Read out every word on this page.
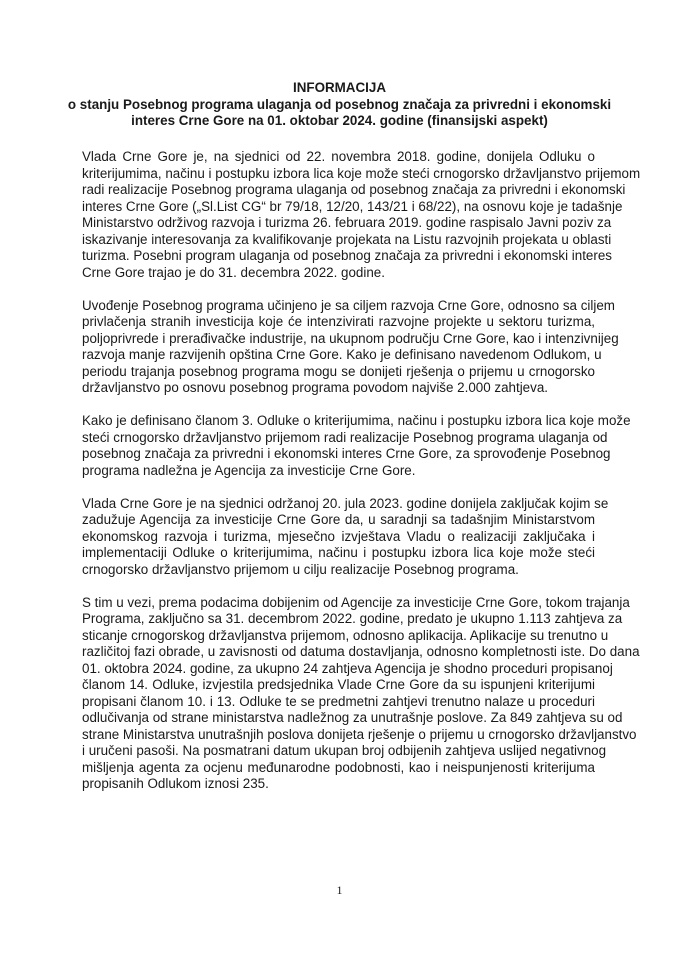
INFORMACIJA
o stanju Posebnog programa ulaganja od posebnog značaja za privredni i ekonomski
interes Crne Gore na 01. oktobar 2024. godine (finansijski aspekt)

Vlada Crne Gore je, na sjednici od 22. novembra 2018. godine, donijela Odluku o
kriterijumima, načinu i postupku izbora lica koje može steći crnogorsko državljanstvo prijemom
radi realizacije Posebnog programa ulaganja od posebnog značaja za privredni i ekonomski
interes Crne Gore („Sl.List CG“ br 79/18, 12/20, 143/21 i 68/22), na osnovu koje je tadašnje
Ministarstvo održivog razvoja i turizma 26. februara 2019. godine raspisalo Javni poziv za
iskazivanje interesovanja za kvalifikovanje projekata na Listu razvojnih projekata u oblasti
turizma. Posebni program ulaganja od posebnog značaja za privredni i ekonomski interes
Crne Gore trajao je do 31. decembra 2022. godine.

Uvođenje Posebnog programa učinjeno je sa ciljem razvoja Crne Gore, odnosno sa ciljem
privlačenja stranih investicija koje će intenzivirati razvojne projekte u sektoru turizma,
poljoprivrede i prerađivačke industrije, na ukupnom području Crne Gore, kao i intenzivnijeg
razvoja manje razvijenih opština Crne Gore. Kako je definisano navedenom Odlukom, u
periodu trajanja posebnog programa mogu se donijeti rješenja o prijemu u crnogorsko
državljanstvo po osnovu posebnog programa povodom najviše 2.000 zahtjeva.

Kako je definisano članom 3. Odluke o kriterijumima, načinu i postupku izbora lica koje može
steći crnogorsko državljanstvo prijemom radi realizacije Posebnog programa ulaganja od
posebnog značaja za privredni i ekonomski interes Crne Gore, za sprovođenje Posebnog
programa nadležna je Agencija za investicije Crne Gore.

Vlada Crne Gore je na sjednici održanoj 20. jula 2023. godine donijela zaključak kojim se
zadužuje Agencija za investicije Crne Gore da, u saradnji sa tadašnjim Ministarstvom
ekonomskog razvoja i turizma, mjesečno izvještava Vladu o realizaciji zaključaka i
implementaciji Odluke o kriterijumima, načinu i postupku izbora lica koje može steći
crnogorsko državljanstvo prijemom u cilju realizacije Posebnog programa.

S tim u vezi, prema podacima dobijenim od Agencije za investicije Crne Gore, tokom trajanja
Programa, zaključno sa 31. decembrom 2022. godine, predato je ukupno 1.113 zahtjeva za
sticanje crnogorskog državljanstva prijemom, odnosno aplikacija. Aplikacije su trenutno u
različitoj fazi obrade, u zavisnosti od datuma dostavljanja, odnosno kompletnosti iste. Do dana
01. oktobra 2024. godine, za ukupno 24 zahtjeva Agencija je shodno proceduri propisanoj
članom 14. Odluke, izvjestila predsjednika Vlade Crne Gore da su ispunjeni kriterijumi
propisani članom 10. i 13. Odluke te se predmetni zahtjevi trenutno nalaze u proceduri
odlučivanja od strane ministarstva nadležnog za unutrašnje poslove. Za 849 zahtjeva su od
strane Ministarstva unutrašnjih poslova donijeta rješenje o prijemu u crnogorsko državljanstvo
i uručeni pasoši. Na posmatrani datum ukupan broj odbijenih zahtjeva uslijed negativnog
mišljenja agenta za ocjenu međunarodne podobnosti, kao i neispunjenosti kriterijuma
propisanih Odlukom iznosi 235.

1
